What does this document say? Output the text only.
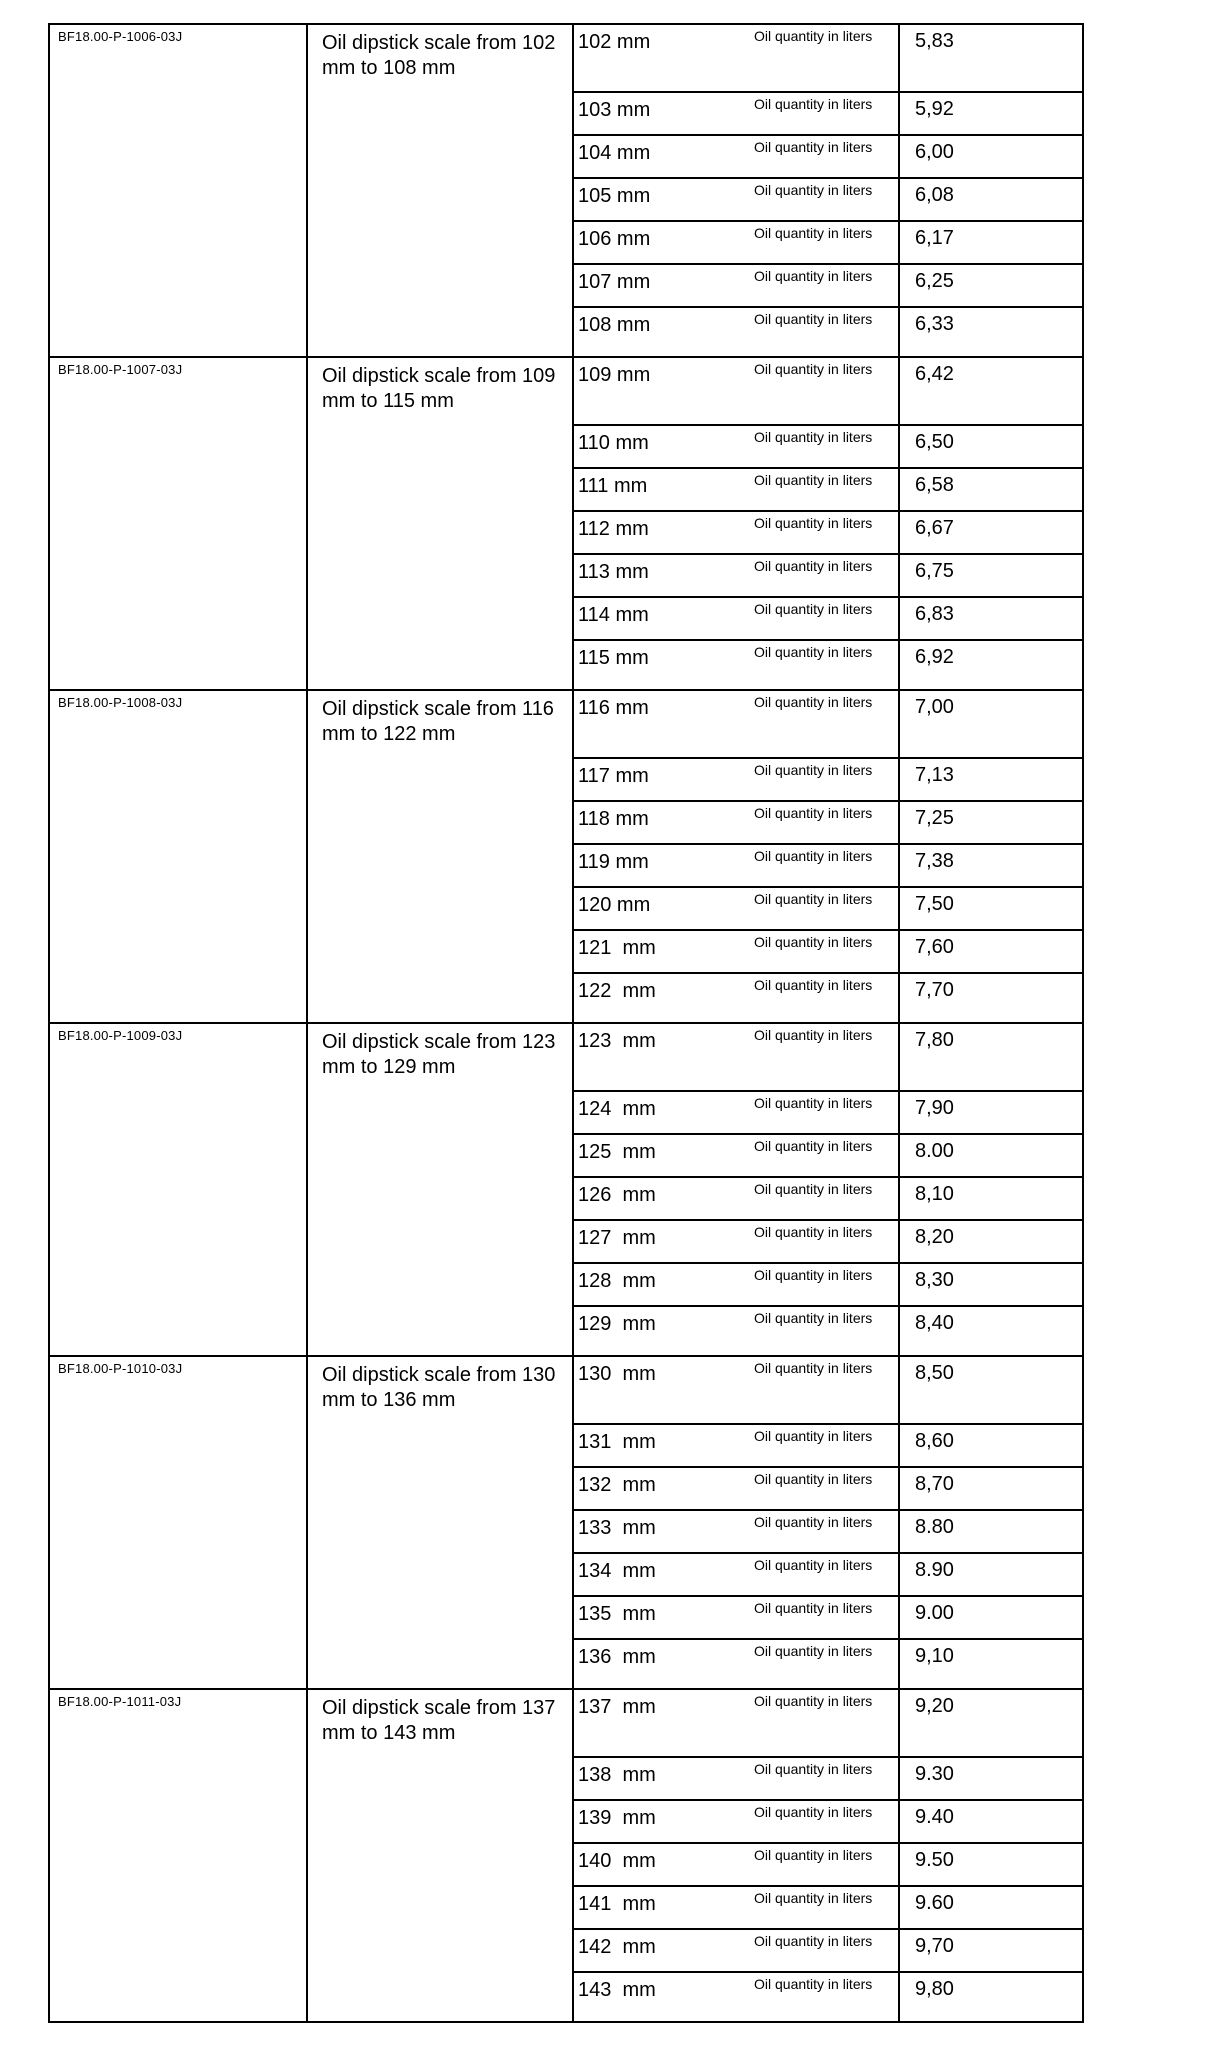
BF18.00-P-1006-03J	Oil dipstick scale from 102 mm to 108 mm
102 mm	Oil quantity in liters 5,83
103 mm	Oil quantity in liters 5,92
104 mm	Oil quantity in liters 6,00
105 mm	Oil quantity in liters 6,08
106 mm	Oil quantity in liters 6,17
107 mm	Oil quantity in liters 6,25
108 mm	Oil quantity in liters 6,33
BF18.00-P-1007-03J	Oil dipstick scale from 109 mm to 115 mm
109 mm	Oil quantity in liters 6,42
110 mm	Oil quantity in liters 6,50
111 mm	Oil quantity in liters 6,58
112 mm	Oil quantity in liters 6,67
113 mm	Oil quantity in liters 6,75
114 mm	Oil quantity in liters 6,83
115 mm	Oil quantity in liters 6,92
BF18.00-P-1008-03J	Oil dipstick scale from 116 mm to 122 mm
116 mm	Oil quantity in liters 7,00
117 mm	Oil quantity in liters 7,13
118 mm	Oil quantity in liters 7,25
119 mm	Oil quantity in liters 7,38
120 mm	Oil quantity in liters 7,50
121  mm	Oil quantity in liters 7,60
122  mm	Oil quantity in liters 7,70
BF18.00-P-1009-03J	Oil dipstick scale from 123 mm to 129 mm
123  mm	Oil quantity in liters 7,80
124  mm	Oil quantity in liters 7,90
125  mm	Oil quantity in liters 8.00
126  mm	Oil quantity in liters 8,10
127  mm	Oil quantity in liters 8,20
128  mm	Oil quantity in liters 8,30
129  mm	Oil quantity in liters 8,40
BF18.00-P-1010-03J	Oil dipstick scale from 130 mm to 136 mm
130  mm	Oil quantity in liters 8,50
131  mm	Oil quantity in liters 8,60
132  mm	Oil quantity in liters 8,70
133  mm	Oil quantity in liters 8.80
134  mm	Oil quantity in liters 8.90
135  mm	Oil quantity in liters 9.00
136  mm	Oil quantity in liters 9,10
BF18.00-P-1011-03J	Oil dipstick scale from 137 mm to 143 mm
137  mm	Oil quantity in liters 9,20
138  mm	Oil quantity in liters 9.30
139  mm	Oil quantity in liters 9.40
140  mm	Oil quantity in liters 9.50
141  mm	Oil quantity in liters 9.60
142  mm	Oil quantity in liters 9,70
143  mm	Oil quantity in liters 9,80
